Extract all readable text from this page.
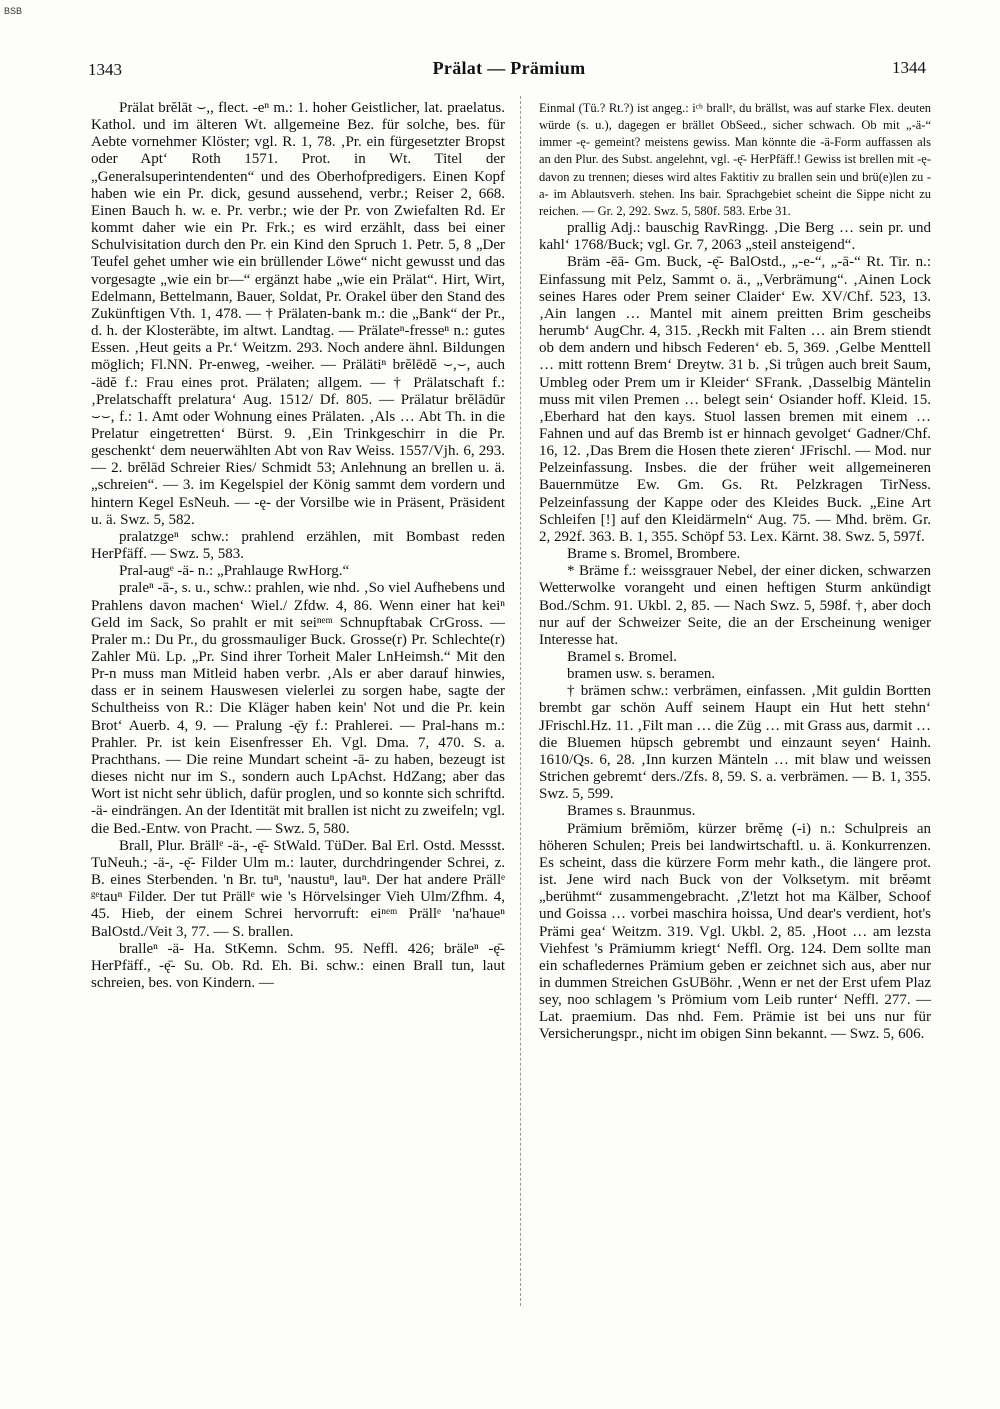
BSB
1343	Prälat — Prämium	1344

Prälat brĕlāt ⌣,, flect. -eⁿ m.: 1. hoher Geistlicher, lat. praelatus. Kathol. und im älteren Wt. allgemeine Bez. für solche, bes. für Aebte vornehmer Klöster; vgl. R. 1, 78. ‚Pr. ein fürgesetzter Bropst oder Apt‘ Roth 1571. Prot. in Wt. Titel der „Generalsuperintendenten“ und des Oberhofpredigers. Einen Kopf haben wie ein Pr. dick, gesund aussehend, verbr.; Reiser 2, 668. Einen Bauch h. w. e. Pr. verbr.; wie der Pr. von Zwiefalten Rd. Er kommt daher wie ein Pr. Frk.; es wird erzählt, dass bei einer Schulvisitation durch den Pr. ein Kind den Spruch 1. Petr. 5, 8 „Der Teufel gehet umher wie ein brüllender Löwe“ nicht gewusst und das vorgesagte „wie ein br—“ ergänzt habe „wie ein Prälat“. Hirt, Wirt, Edelmann, Bettelmann, Bauer, Soldat, Pr. Orakel über den Stand des Zukünftigen Vth. 1, 478. — † Prälaten-bank m.: die „Bank“ der Pr., d. h. der Klosteräbte, im altwt. Landtag. — Prälateⁿ-fresseⁿ n.: gutes Essen. ‚Heut geits a Pr.‘ Weitzm. 293. Noch andere ähnl. Bildungen möglich; Fl.NN. Pr-enweg, -weiher. — Prälätiⁿ brĕlēdĕ ⌣,⌣, auch -ädĕ f.: Frau eines prot. Prälaten; allgem. — † Prälatschaft f.: ‚Prelatschafft prelatura‘ Aug. 1512/ Df. 805. — Prälatur brĕlādūr ⌣⌣, f.: 1. Amt oder Wohnung eines Prälaten. ‚Als … Abt Th. in die Prelatur eingetretten‘ Bürst. 9. ‚Ein Trinkgeschirr in die Pr. geschenkt‘ dem neuerwählten Abt von Rav Weiss. 1557/Vjh. 6, 293. — 2. brĕlād Schreier Ries/ Schmidt 53; Anlehnung an brellen u. ä. „schreien“. — 3. im Kegelspiel der König sammt dem vordern und hintern Kegel EsNeuh. — -ę- der Vorsilbe wie in Präsent, Präsident u. ä. Swz. 5, 582.

pralatzgeⁿ schw.: prahlend erzählen, mit Bombast reden HerPfäff. — Swz. 5, 583.

Pral-augᵉ -ä- n.: „Prahlauge RwHorg.“

praleⁿ -ā-, s. u., schw.: prahlen, wie nhd. ‚So viel Aufhebens und Prahlens davon machen‘ Wiel./ Zfdw. 4, 86. Wenn einer hat keiⁿ Geld im Sack, So prahlt er mit seiⁿᵉᵐ Schnupftabak CrGross. — Praler m.: Du Pr., du grossmauliger Buck. Grosse(r) Pr. Schlechte(r) Zahler Mü. Lp. „Pr. Sind ihrer Torheit Maler LnHeimsh.“ Mit den Pr-n muss man Mitleid haben verbr. ‚Als er aber darauf hinwies, dass er in seinem Hauswesen vielerlei zu sorgen habe, sagte der Schultheiss von R.: Die Kläger haben kein' Not und die Pr. kein Brot‘ Auerb. 4, 9. — Pralung -ę̄y f.: Prahlerei. — Pral-hans m.: Prahler. Pr. ist kein Eisenfresser Eh. Vgl. Dma. 7, 470. S. a. Prachthans. — Die reine Mundart scheint -ā- zu haben, bezeugt ist dieses nicht nur im S., sondern auch LpAchst. HdZang; aber das Wort ist nicht sehr üblich, dafür proglen, und so konnte sich schriftd. -ä- eindrängen. An der Identität mit brallen ist nicht zu zweifeln; vgl. die Bed.-Entw. von Pracht. — Swz. 5, 580.

Brall, Plur. Brällᵉ -ä-, -ę̄- StWald. TüDer. Bal Erl. Ostd. Messst. TuNeuh.; -ä-, -ę̄- Filder Ulm m.: lauter, durchdringender Schrei, z. B. eines Sterbenden. 'n Br. tuⁿ, 'naustuⁿ, lauⁿ. Der hat andere Prällᵉ ᵍᵉtauⁿ Filder. Der tut Prällᵉ wie 's Hörvelsinger Vieh Ulm/Zfhm. 4, 45. Hieb, der einem Schrei hervorruft: eiⁿᵉᵐ Prällᵉ 'na'haueⁿ BalOstd./Veit 3, 77. — S. brallen.

bralleⁿ -ä- Ha. StKemn. Schm. 95. Neffl. 426; bräleⁿ -ę̄- HerPfäff., -ę̄- Su. Ob. Rd. Eh. Bi. schw.: einen Brall tun, laut schreien, bes. von Kindern. —

Einmal (Tü.? Rt.?) ist angeg.: iᶜʰ brallᵉ, du brällst, was auf starke Flex. deuten würde (s. u.), dagegen er brället ObSeed., sicher schwach. Ob mit „-ä-“ immer -ę- gemeint? meistens gewiss. Man könnte die -ä-Form auffassen als an den Plur. des Subst. angelehnt, vgl. -ę̄- HerPfäff.! Gewiss ist brellen mit -ę- davon zu trennen; dieses wird altes Faktitiv zu brallen sein und brü(e)len zu -a- im Ablautsverh. stehen. Ins bair. Sprachgebiet scheint die Sippe nicht zu reichen. — Gr. 2, 292. Swz. 5, 580f. 583. Erbe 31.

prallig Adj.: bauschig RavRingg. ‚Die Berg … sein pr. und kahl‘ 1768/Buck; vgl. Gr. 7, 2063 „steil ansteigend“.

Bräm -ēā- Gm. Buck, -ę̄- BalOstd., „-e-“, „-ā-“ Rt. Tir. n.: Einfassung mit Pelz, Sammt o. ä., „Verbrämung“. ‚Ainen Lock seines Hares oder Prem seiner Claider‘ Ew. XV/Chf. 523, 13. ‚Ain langen … Mantel mit ainem preitten Brim gescheibs herumb‘ AugChr. 4, 315. ‚Reckh mit Falten … ain Brem stiendt ob dem andern und hibsch Federen‘ eb. 5, 369. ‚Gelbe Menttell … mitt rottenn Brem‘ Dreytw. 31 b. ‚Si trůgen auch breit Saum, Umbleg oder Prem um ir Kleider‘ SFrank. ‚Dasselbig Mäntelin muss mit vilen Premen … belegt sein‘ Osiander hoff. Kleid. 15. ‚Eberhard hat den kays. Stuol lassen bremen mit einem … Fahnen und auf das Bremb ist er hinnach gevolget‘ Gadner/Chf. 16, 12. ‚Das Brem die Hosen thete zieren‘ JFrischl. — Mod. nur Pelzeinfassung. Insbes. die der früher weit allgemeineren Bauernmütze Ew. Gm. Gs. Rt. Pelzkragen TirNess. Pelzeinfassung der Kappe oder des Kleides Buck. „Eine Art Schleifen [!] auf den Kleidärmeln“ Aug. 75. — Mhd. brëm. Gr. 2, 292f. 363. B. 1, 355. Schöpf 53. Lex. Kärnt. 38. Swz. 5, 597f.

Brame s. Bromel, Brombere.

* Bräme f.: weissgrauer Nebel, der einer dicken, schwarzen Wetterwolke vorangeht und einen heftigen Sturm ankündigt Bod./Schm. 91. Ukbl. 2, 85. — Nach Swz. 5, 598f. †, aber doch nur auf der Schweizer Seite, die an der Erscheinung weniger Interesse hat.

Bramel s. Bromel.

bramen usw. s. beramen.

† brämen schw.: verbrämen, einfassen. ‚Mit guldin Bortten brembt gar schön Auff seinem Haupt ein Hut hett stehn‘ JFrischl.Hz. 11. ‚Filt man … die Züg … mit Grass aus, darmit … die Bluemen hüpsch gebrembt und einzaunt seyen‘ Hainh. 1610/Qs. 6, 28. ‚Inn kurzen Mänteln … mit blaw und weissen Strichen gebremt‘ ders./Zfs. 8, 59. S. a. verbrämen. — B. 1, 355. Swz. 5, 599.

Brames s. Braunmus.

Prämium brĕmiŏm, kürzer brĕmę (-i) n.: Schulpreis an höheren Schulen; Preis bei landwirtschaftl. u. ä. Konkurrenzen. Es scheint, dass die kürzere Form mehr kath., die längere prot. ist. Jene wird nach Buck von der Volksetym. mit brĕəmt „berühmt“ zusammengebracht. ‚Z'letzt hot ma Kälber, Schoof und Goissa … vorbei maschira hoissa, Und dear's verdient, hot's Prämi gea‘ Weitzm. 319. Vgl. Ukbl. 2, 85. ‚Hoot … am lezsta Viehfest 's Prämiumm kriegt‘ Neffl. Org. 124. Dem sollte man ein schafledernes Prämium geben er zeichnet sich aus, aber nur in dummen Streichen GsUBöhr. ‚Wenn er net der Erst ufem Plaz sey, noo schlagem 's Prömium vom Leib runter‘ Neffl. 277. — Lat. praemium. Das nhd. Fem. Prämie ist bei uns nur für Versicherungspr., nicht im obigen Sinn bekannt. — Swz. 5, 606.
